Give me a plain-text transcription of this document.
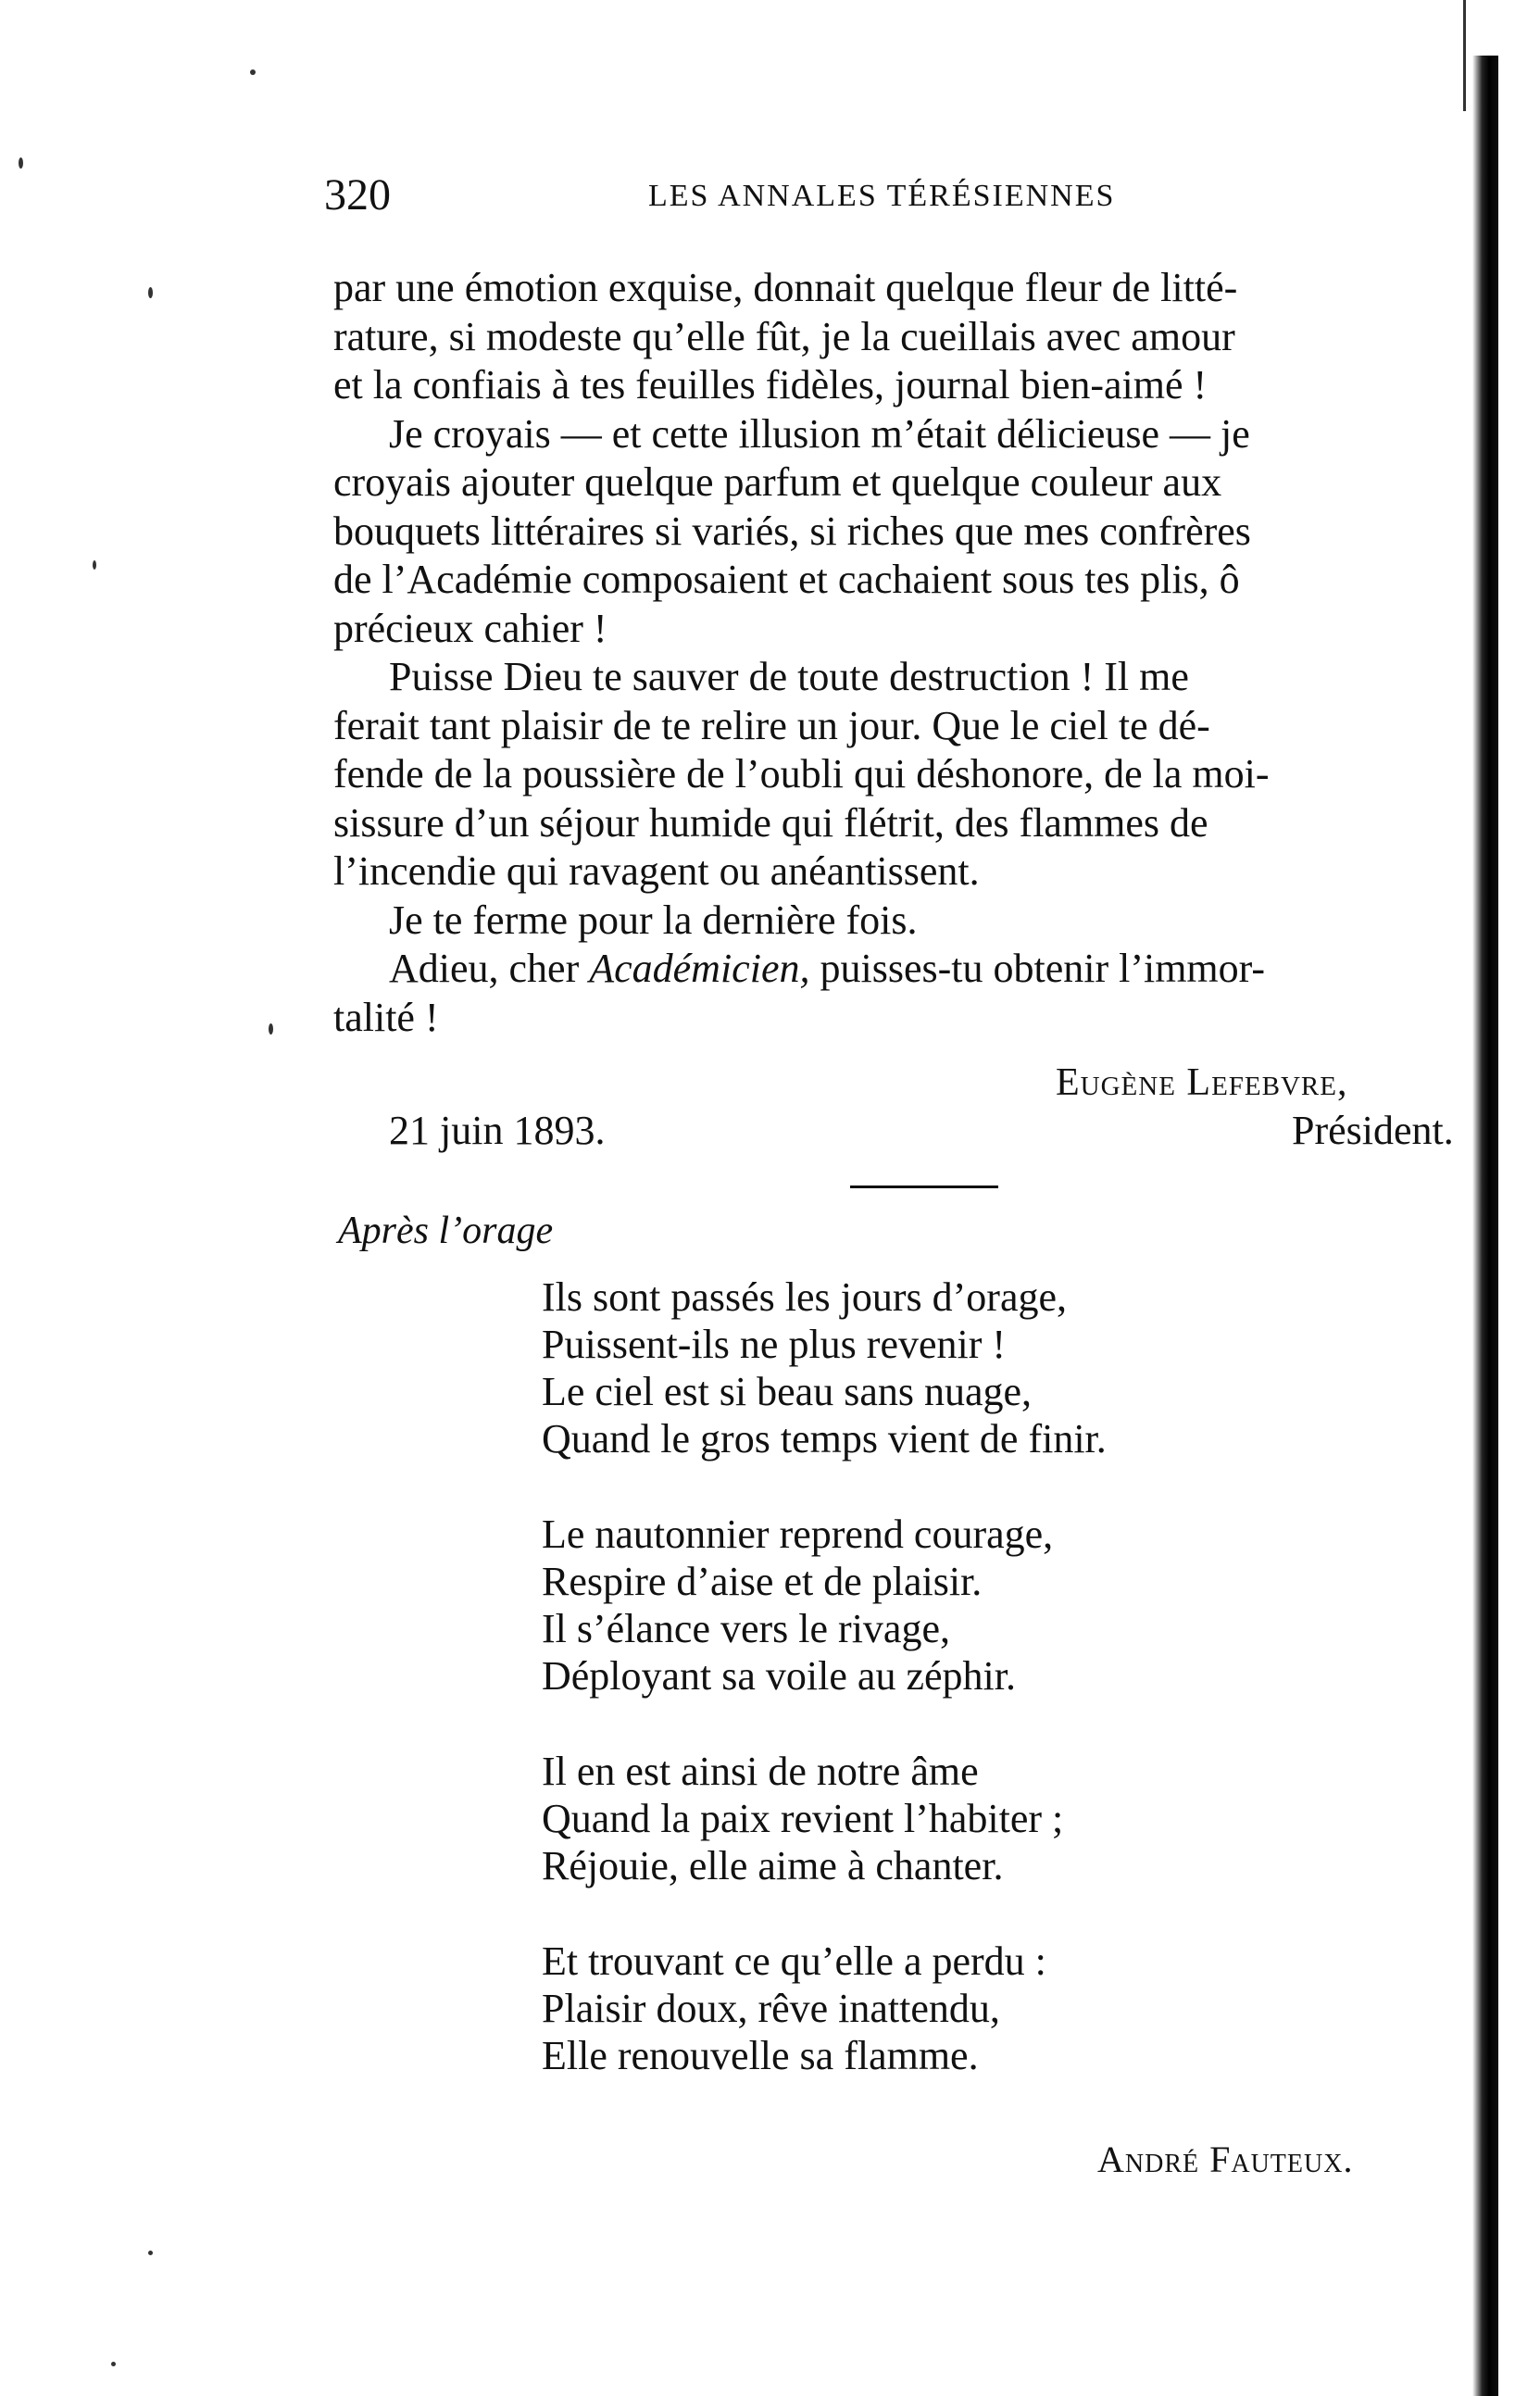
320	LES ANNALES TÉRÉSIENNES

par une émotion exquise, donnait quelque fleur de litté-
rature, si modeste qu’elle fût, je la cueillais avec amour
et la confiais à tes feuilles fidèles, journal bien-aimé !

Je croyais — et cette illusion m’était délicieuse — je
croyais ajouter quelque parfum et quelque couleur aux
bouquets littéraires si variés, si riches que mes confrères
de l’Académie composaient et cachaient sous tes plis, ô
précieux cahier !

Puisse Dieu te sauver de toute destruction ! Il me
ferait tant plaisir de te relire un jour. Que le ciel te dé-
fende de la poussière de l’oubli qui déshonore, de la moi-
sissure d’un séjour humide qui flétrit, des flammes de
l’incendie qui ravagent ou anéantissent.

Je te ferme pour la dernière fois.

Adieu, cher Académicien, puisses-tu obtenir l’immor-
talité !

Eugène Lefebvre,
21 juin 1893.	Président.
Après l’orage
Ils sont passés les jours d’orage,
Puissent-ils ne plus revenir !
Le ciel est si beau sans nuage,
Quand le gros temps vient de finir.
Le nautonnier reprend courage,
Respire d’aise et de plaisir.
Il s’élance vers le rivage,
Déployant sa voile au zéphir.
Il en est ainsi de notre âme
Quand la paix revient l’habiter ;
Réjouie, elle aime à chanter.
Et trouvant ce qu’elle a perdu :
Plaisir doux, rêve inattendu,
Elle renouvelle sa flamme.
André Fauteux.
